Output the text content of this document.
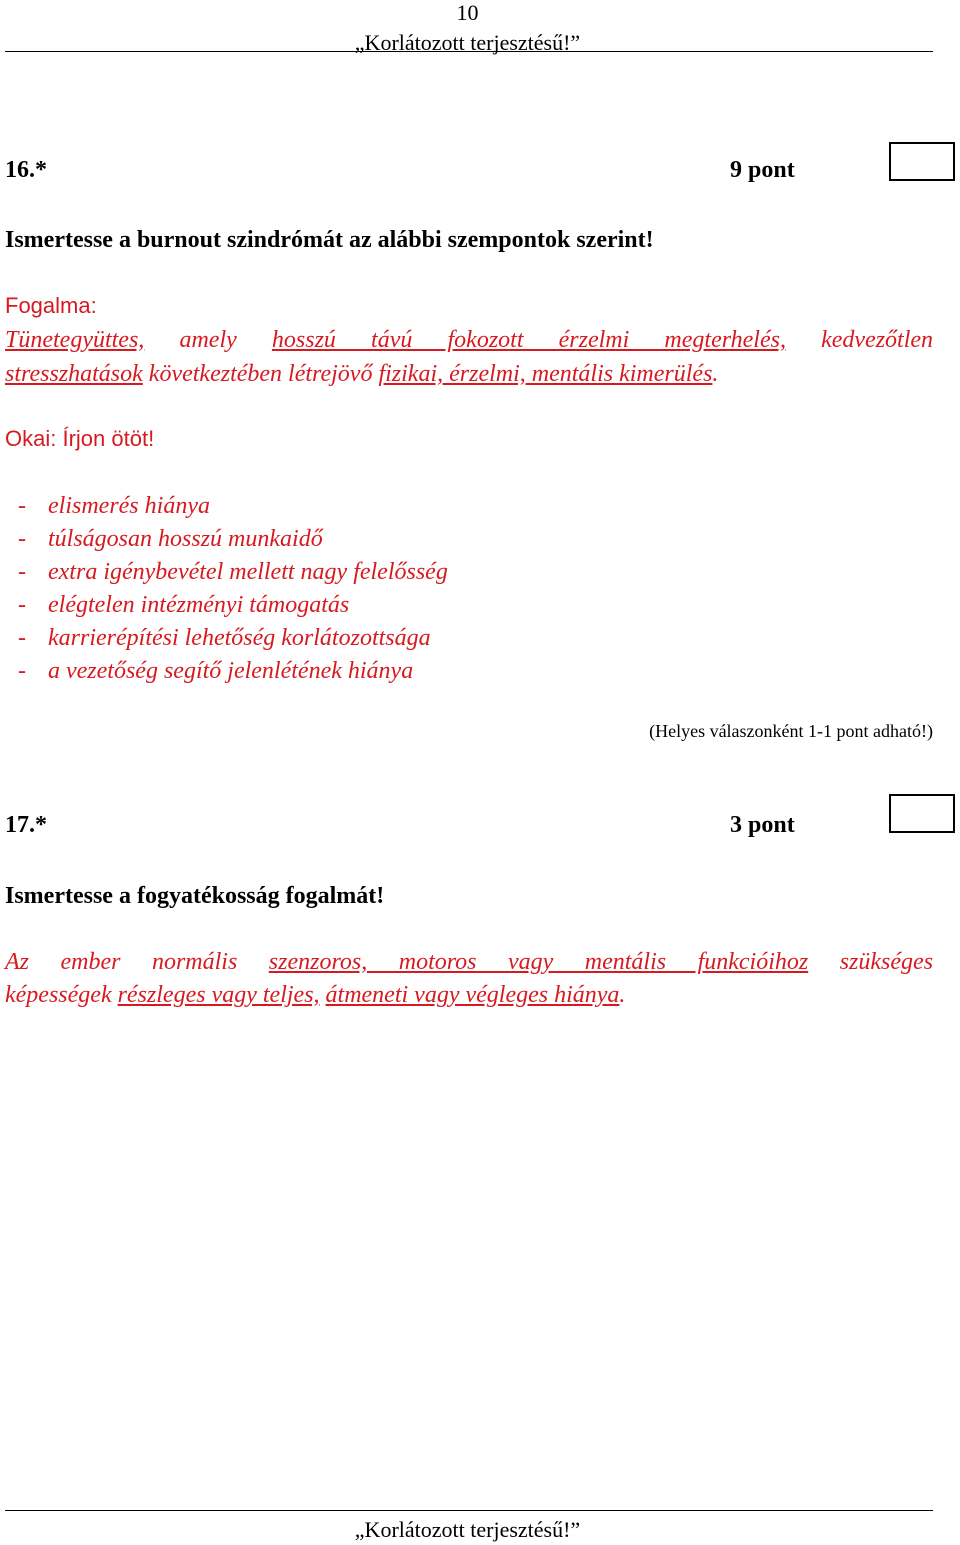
10
„Korlátozott terjesztésű!”
16.*	9 pont
Ismertesse a burnout szindrómát az alábbi szempontok szerint!
Fogalma:
Tünetegyüttes, amely hosszú távú fokozott érzelmi megterhelés, kedvezőtlen
stresszhatások következtében létrejövő fizikai, érzelmi, mentális kimerülés.
Okai: Írjon ötöt!
- elismerés hiánya
- túlságosan hosszú munkaidő
- extra igénybevétel mellett nagy felelősség
- elégtelen intézményi támogatás
- karrierépítési lehetőség korlátozottsága
- a vezetőség segítő jelenlétének hiánya
(Helyes válaszonként 1-1 pont adható!)
17.*	3 pont
Ismertesse a fogyatékosság fogalmát!
Az ember normális szenzoros, motoros vagy mentális funkcióihoz szükséges
képességek részleges vagy teljes, átmeneti vagy végleges hiánya.
„Korlátozott terjesztésű!”
